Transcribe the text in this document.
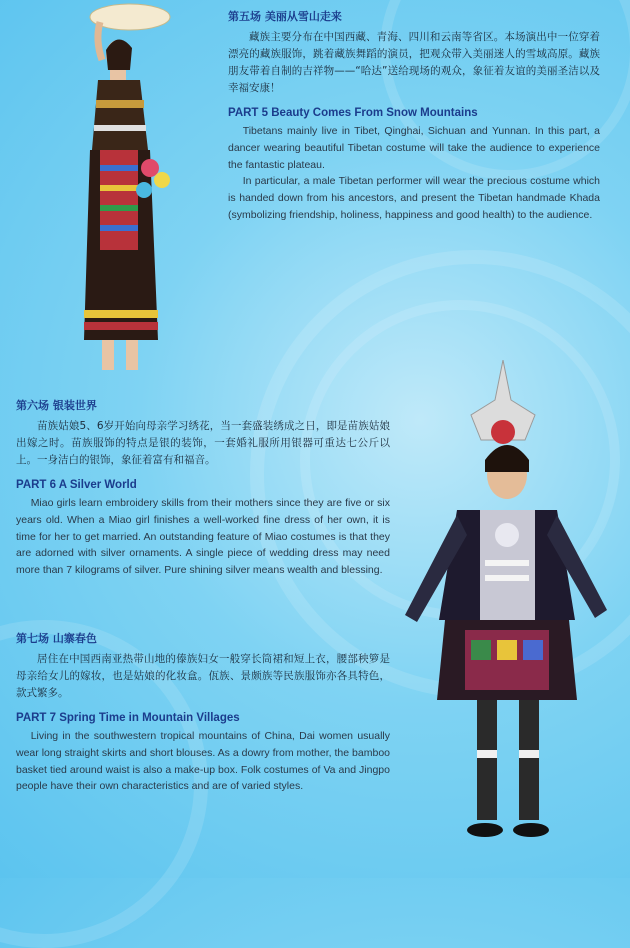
第五场 美丽从雪山走来

藏族主要分布在中国西藏、青海、四川和云南等省区。本场演出中一位穿着漂亮的藏族服饰，跳着藏族舞蹈的演员，把观众带入美丽迷人的雪域高原。藏族朋友带着自制的吉祥物——“哈达”送给现场的观众，象征着友谊的美丽圣洁以及幸福安康！

PART 5 Beauty Comes From Snow Mountains

Tibetans mainly live in Tibet, Qinghai, Sichuan and Yunnan. In this part, a dancer wearing beautiful Tibetan costume will take the audience to experience the fantastic plateau.

In particular, a male Tibetan performer will wear the precious costume which is handed down from his ancestors, and present the Tibetan handmade Khada (symbolizing friendship, holiness, happiness and good health) to the audience.

第六场 银装世界

苗族姑娘5、6岁开始向母亲学习绣花，当一套盛装绣成之日，即是苗族姑娘出嫁之时。苗族服饰的特点是银的装饰，一套婚礼服所用银器可重达七公斤以上。一身洁白的银饰，象征着富有和福音。

PART 6 A Silver World

Miao girls learn embroidery skills from their mothers since they are five or six years old. When a Miao girl finishes a well-worked fine dress of her own, it is time for her to get married. An outstanding feature of Miao costumes is that they are adorned with silver ornaments. A single piece of wedding dress may need more than 7 kilograms of silver. Pure shining silver means wealth and blessing.

第七场 山寨春色

居住在中国西南亚热带山地的傣族妇女一般穿长筒裙和短上衣，腰部秧箩是母亲给女儿的嫁妆，也是姑娘的化妆盒。佤族、景颇族等民族服饰亦各具特色，款式繁多。

PART 7 Spring Time in Mountain Villages

Living in the southwestern tropical mountains of China, Dai women usually wear long straight skirts and short blouses. As a dowry from mother, the bamboo basket tied around waist is also a make-up box. Folk costumes of Va and Jingpo people have their own characteristics and are of varied styles.
